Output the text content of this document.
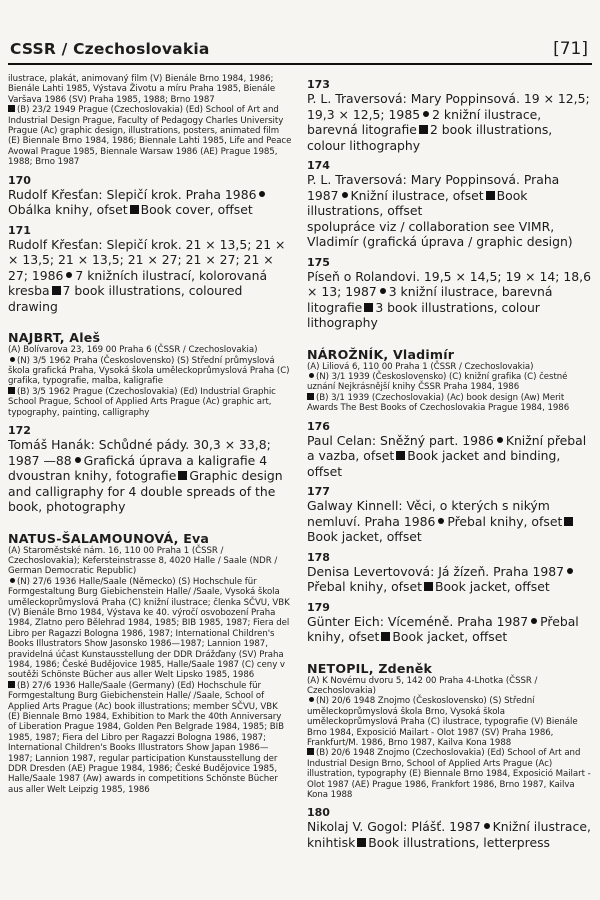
CSSR / Czechoslovakia	[71]
ilustrace, plakát, animovaný film (V) Bienále Brno 1984, 1986; Bienále Lahti 1985, Výstava Životu a míru Praha 1985, Bienále Varšava 1986 (SV) Praha 1985, 1988; Brno 1987
(B) 23/2 1949 Prague (Czechoslovakia) (Ed) School of Art and Industrial Design Prague, Faculty of Pedagogy Charles University Prague (Ac) graphic design, illustrations, posters, animated film (E) Biennale Brno 1984, 1986; Biennale Lahti 1985, Life and Peace Avowal Prague 1985, Biennale Warsaw 1986 (AE) Prague 1985, 1988; Brno 1987
170
Rudolf Křesťan: Slepičí krok. Praha 1986Obálka knihy, ofset Book cover, offset
171
Rudolf Křesťan: Slepičí krok. 21 × 13,5; 21 × × 13,5; 21 × 13,5; 21 × 27; 21 × 27; 21 × 27; 1986 7 knižních ilustrací, kolorovaná kresba 7 book illustrations, coloured drawing
NAJBRT, Aleš
(A) Bolívarova 23, 169 00 Praha 6 (ČSSR / Czechoslovakia)
(N) 3/5 1962 Praha (Československo) (S) Střední průmyslová škola grafická Praha, Vysoká škola uměleckoprůmyslová Praha (C) grafika, typografie, malba, kaligrafie
(B) 3/5 1962 Prague (Czechoslovakia) (Ed) Industrial Graphic School Prague, School of Applied Arts Prague (Ac) graphic art, typography, painting, calligraphy
172
Tomáš Hanák: Schůdné pády. 30,3 × 33,8; 1987 —88 Grafická úprava a kaligrafie 4 dvoustran knihy, fotografie Graphic design and calligraphy for 4 double spreads of the book, photography
NATUS-ŠALAMOUNOVÁ, Eva
(A) Staroměstské nám. 16, 110 00 Praha 1 (ČSSR / Czechoslovakia); Kefersteinstrasse 8, 4020 Halle / Saale (NDR / German Democratic Republic)
(N) 27/6 1936 Halle/Saale (Německo) (S) Hochschule für Formgestaltung Burg Giebichenstein Halle/ /Saale, Vysoká škola uměleckoprůmyslová Praha (C) knižní ilustrace; členka SČVU, VBK (V) Bienále Brno 1984, Výstava ke 40. výročí osvobození Praha 1984, Zlatno pero Bělehrad 1984, 1985; BIB 1985, 1987; Fiera del Libro per Ragazzi Bologna 1986, 1987; International Children's Books Illustrators Show Jasonsko 1986—1987; Lannion 1987, pravidelná účast Kunstausstellung der DDR Drážďany (SV) Praha 1984, 1986; České Budějovice 1985, Halle/Saale 1987 (C) ceny v soutěži Schönste Bücher aus aller Welt Lipsko 1985, 1986
(B) 27/6 1936 Halle/Saale (Germany) (Ed) Hochschule für Formgestaltung Burg Giebichenstein Halle/ /Saale, School of Applied Arts Prague (Ac) book illustrations; member SČVU, VBK (E) Biennale Brno 1984, Exhibition to Mark the 40th Anniversary of Liberation Prague 1984, Golden Pen Belgrade 1984, 1985; BIB 1985, 1987; Fiera del Libro per Ragazzi Bologna 1986, 1987; International Children's Books Illustrators Show Japan 1986—1987; Lannion 1987, regular participation Kunstausstellung der DDR Dresden (AE) Prague 1984, 1986; České Budějovice 1985, Halle/Saale 1987 (Aw) awards in competitions Schönste Bücher aus aller Welt Leipzig 1985, 1986
173
P. L. Traversová: Mary Poppinsová. 19 × 12,5; 19,3 × 12,5; 1985 2 knižní ilustrace, barevná litografie 2 book illustrations, colour lithography
174
P. L. Traversová: Mary Poppinsová. Praha 1987 Knižní ilustrace, ofset Book illustrations, offset
spolupráce viz / collaboration see VIMR, Vladimír (grafická úprava / graphic design)
175
Píseň o Rolandovi. 19,5 × 14,5; 19 × 14; 18,6 × 13; 1987 3 knižní ilustrace, barevná litografie 3 book illustrations, colour lithography
NÁROŽNÍK, Vladimír
(A) Liliová 6, 110 00 Praha 1 (ČSSR / Czechoslovakia)
(N) 3/1 1939 (Československo) (C) knižní grafika (C) čestné uznání Nejkrásnější knihy ČSSR Praha 1984, 1986
(B) 3/1 1939 (Czechoslovakia) (Ac) book design (Aw) Merit Awards The Best Books of Czechoslovakia Prague 1984, 1986
176
Paul Celan: Sněžný part. 1986 Knižní přebal a vazba, ofset Book jacket and binding, offset
177
Galway Kinnell: Věci, o kterých s nikým nemluví. Praha 1986 Přebal knihy, ofsetBook jacket, offset
178
Denisa Levertovová: Já žízeň. Praha 1987Přebal knihy, ofset Book jacket, offset
179
Günter Eich: Víceméně. Praha 1987 Přebal knihy, ofset Book jacket, offset
NETOPIL, Zdeněk
(A) K Novému dvoru 5, 142 00 Praha 4-Lhotka (ČSSR / Czechoslovakia)
(N) 20/6 1948 Znojmo (Československo) (S) Střední uměleckoprůmyslová škola Brno, Vysoká škola uměleckoprůmyslová Praha (C) ilustrace, typografie (V) Bienále Brno 1984, Exposició Mailart - Olot 1987 (SV) Praha 1986, Frankfurt/M. 1986, Brno 1987, Kailva Kona 1988
(B) 20/6 1948 Znojmo (Czechoslovakia) (Ed) School of Art and Industrial Design Brno, School of Applied Arts Prague (Ac) illustration, typography (E) Biennale Brno 1984, Exposició Mailart - Olot 1987 (AE) Prague 1986, Frankfort 1986, Brno 1987, Kailva Kona 1988
180
Nikolaj V. Gogol: Plášť. 1987 Knižní ilustrace, knihtisk Book illustrations, letterpress
